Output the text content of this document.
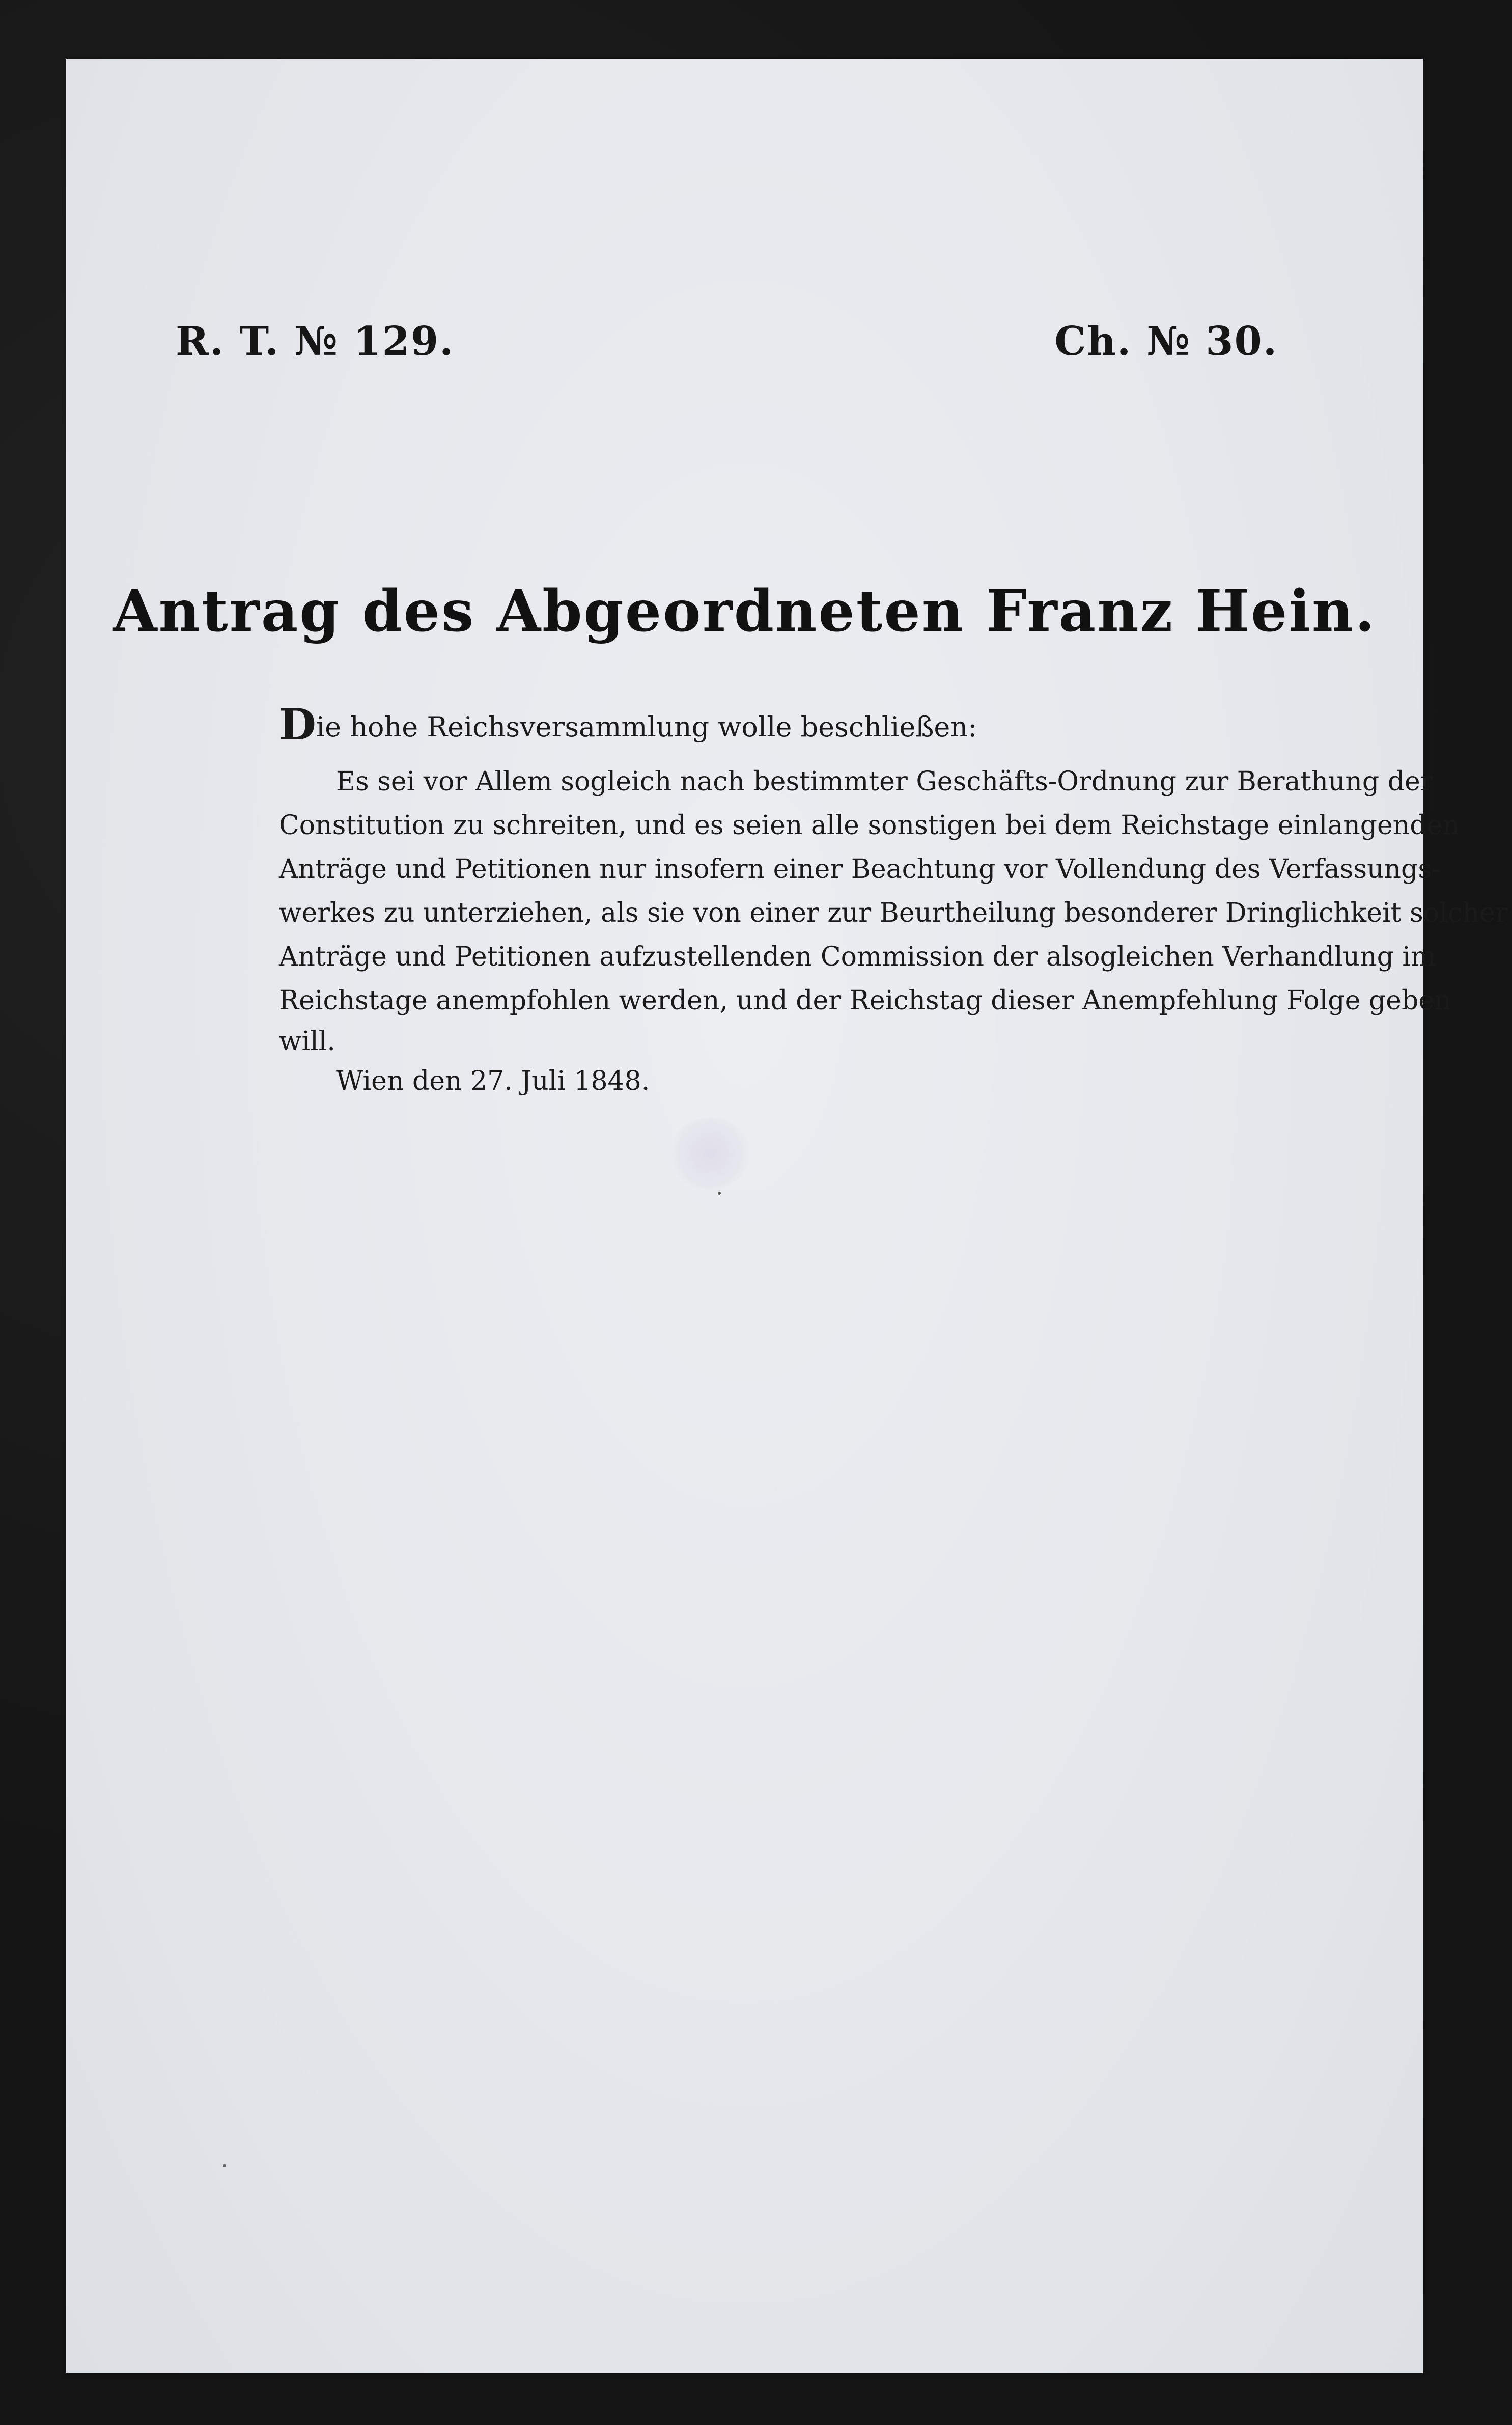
R. T. № 129.	Ch. № 30.
Antrag des Abgeordneten Franz Hein.
Die hohe Reichsversammlung wolle beschließen:
Es sei vor Allem sogleich nach bestimmter Geschäfts-Ordnung zur Berathung der
Constitution zu schreiten, und es seien alle sonstigen bei dem Reichstage einlangenden
Anträge und Petitionen nur insofern einer Beachtung vor Vollendung des Verfassungs-
werkes zu unterziehen, als sie von einer zur Beurtheilung besonderer Dringlichkeit solcher
Anträge und Petitionen aufzustellenden Commission der alsogleichen Verhandlung im
Reichstage anempfohlen werden, und der Reichstag dieser Anempfehlung Folge geben
will.
Wien den 27. Juli 1848.
